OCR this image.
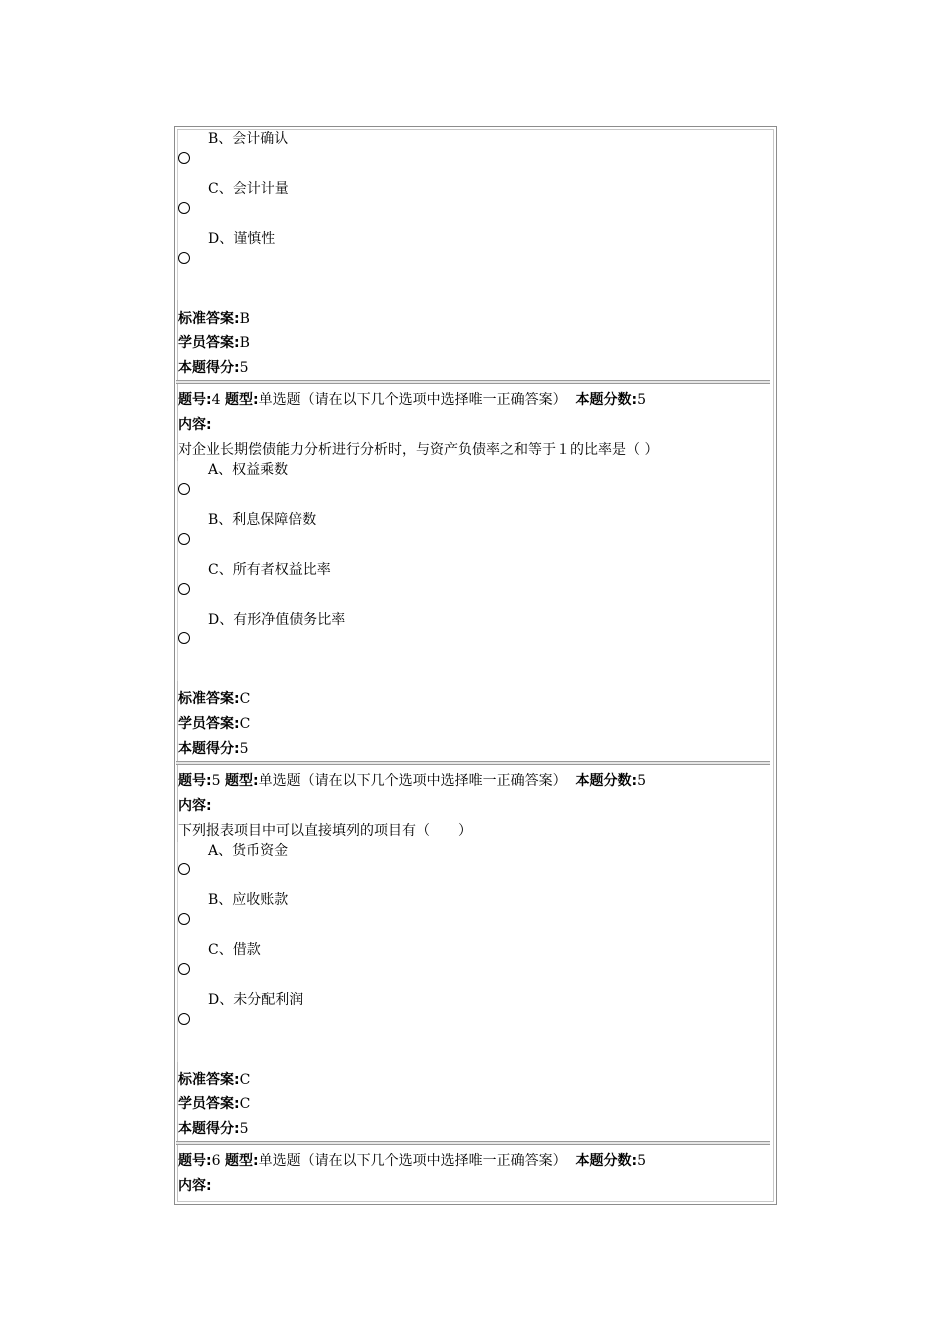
B、会计确认
C、会计计量
D、谨慎性
标准答案:B
学员答案:B
本题得分:5
题号:4 题型:单选题（请在以下几个选项中选择唯一正确答案） 本题分数:5
内容:
对企业长期偿债能力分析进行分析时，与资产负债率之和等于１的比率是（ ）
A、权益乘数
B、利息保障倍数
C、所有者权益比率
D、有形净值债务比率
标准答案:C
学员答案:C
本题得分:5
题号:5 题型:单选题（请在以下几个选项中选择唯一正确答案） 本题分数:5
内容:
下列报表项目中可以直接填列的项目有（　　）
A、货币资金
B、应收账款
C、借款
D、未分配利润
标准答案:C
学员答案:C
本题得分:5
题号:6 题型:单选题（请在以下几个选项中选择唯一正确答案） 本题分数:5
内容:
